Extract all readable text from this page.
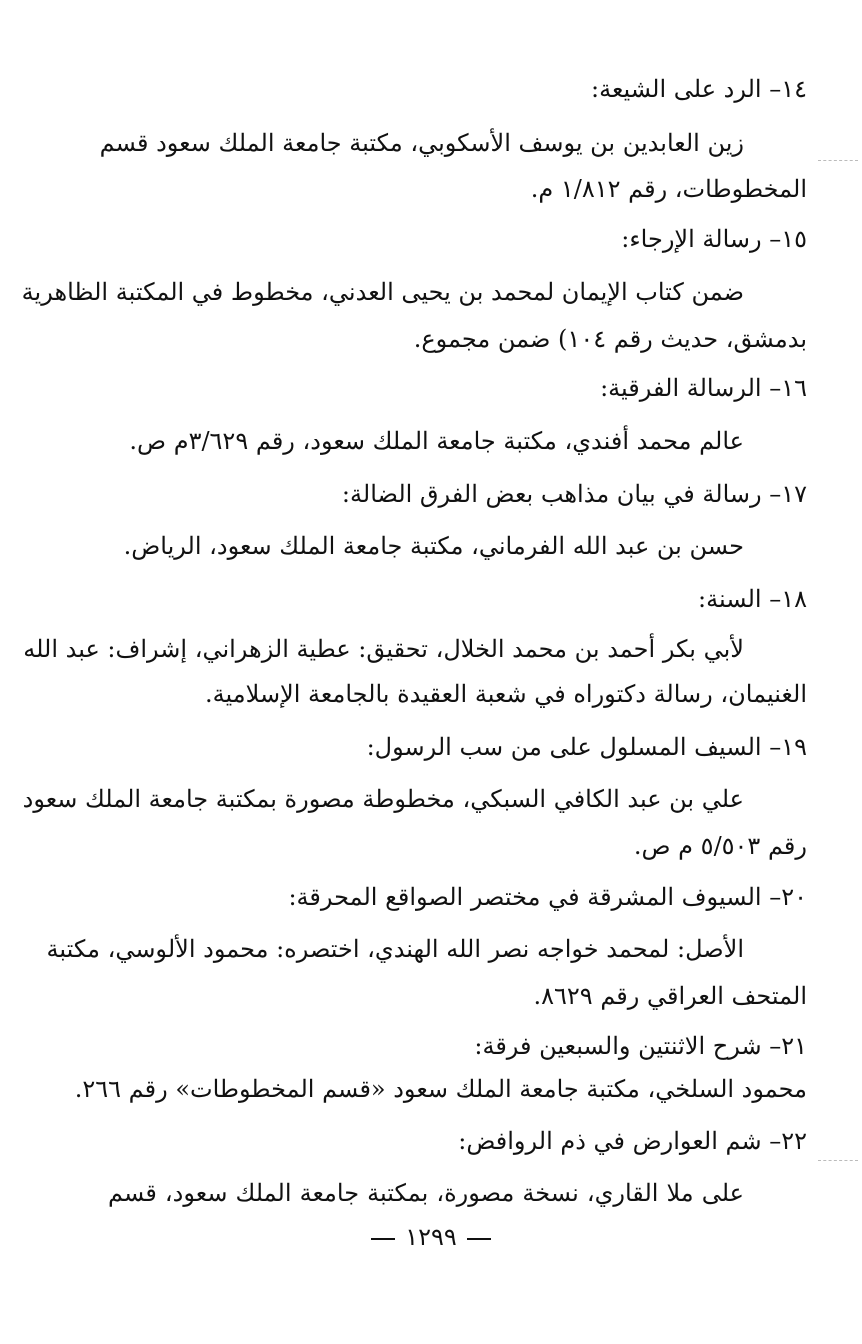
١٤– الرد على الشيعة:
زين العابدين بن يوسف الأسكوبي، مكتبة جامعة الملك سعود قسم
المخطوطات، رقم ١/٨١٢ م.
١٥– رسالة الإرجاء:
ضمن كتاب الإيمان لمحمد بن يحيى العدني، مخطوط في المكتبة الظاهرية
بدمشق، حديث رقم ١٠٤) ضمن مجموع.
١٦– الرسالة الفرقية:
عالم محمد أفندي، مكتبة جامعة الملك سعود، رقم ٣/٦٢٩م ص.
١٧– رسالة في بيان مذاهب بعض الفرق الضالة:
حسن بن عبد الله الفرماني، مكتبة جامعة الملك سعود، الرياض.
١٨– السنة:
لأبي بكر أحمد بن محمد الخلال، تحقيق: عطية الزهراني، إشراف: عبد الله
الغنيمان، رسالة دكتوراه في شعبة العقيدة بالجامعة الإسلامية.
١٩– السيف المسلول على من سب الرسول:
علي بن عبد الكافي السبكي، مخطوطة مصورة بمكتبة جامعة الملك سعود
رقم ٥/٥٠٣ م ص.
٢٠– السيوف المشرقة في مختصر الصواقع المحرقة:
الأصل: لمحمد خواجه نصر الله الهندي، اختصره: محمود الألوسي، مكتبة
المتحف العراقي رقم ٨٦٢٩.
٢١– شرح الاثنتين والسبعين فرقة:
محمود السلخي، مكتبة جامعة الملك سعود «قسم المخطوطات» رقم ٢٦٦.
٢٢– شم العوارض في ذم الروافض:
على ملا القاري، نسخة مصورة، بمكتبة جامعة الملك سعود، قسم
١٢٩٩
